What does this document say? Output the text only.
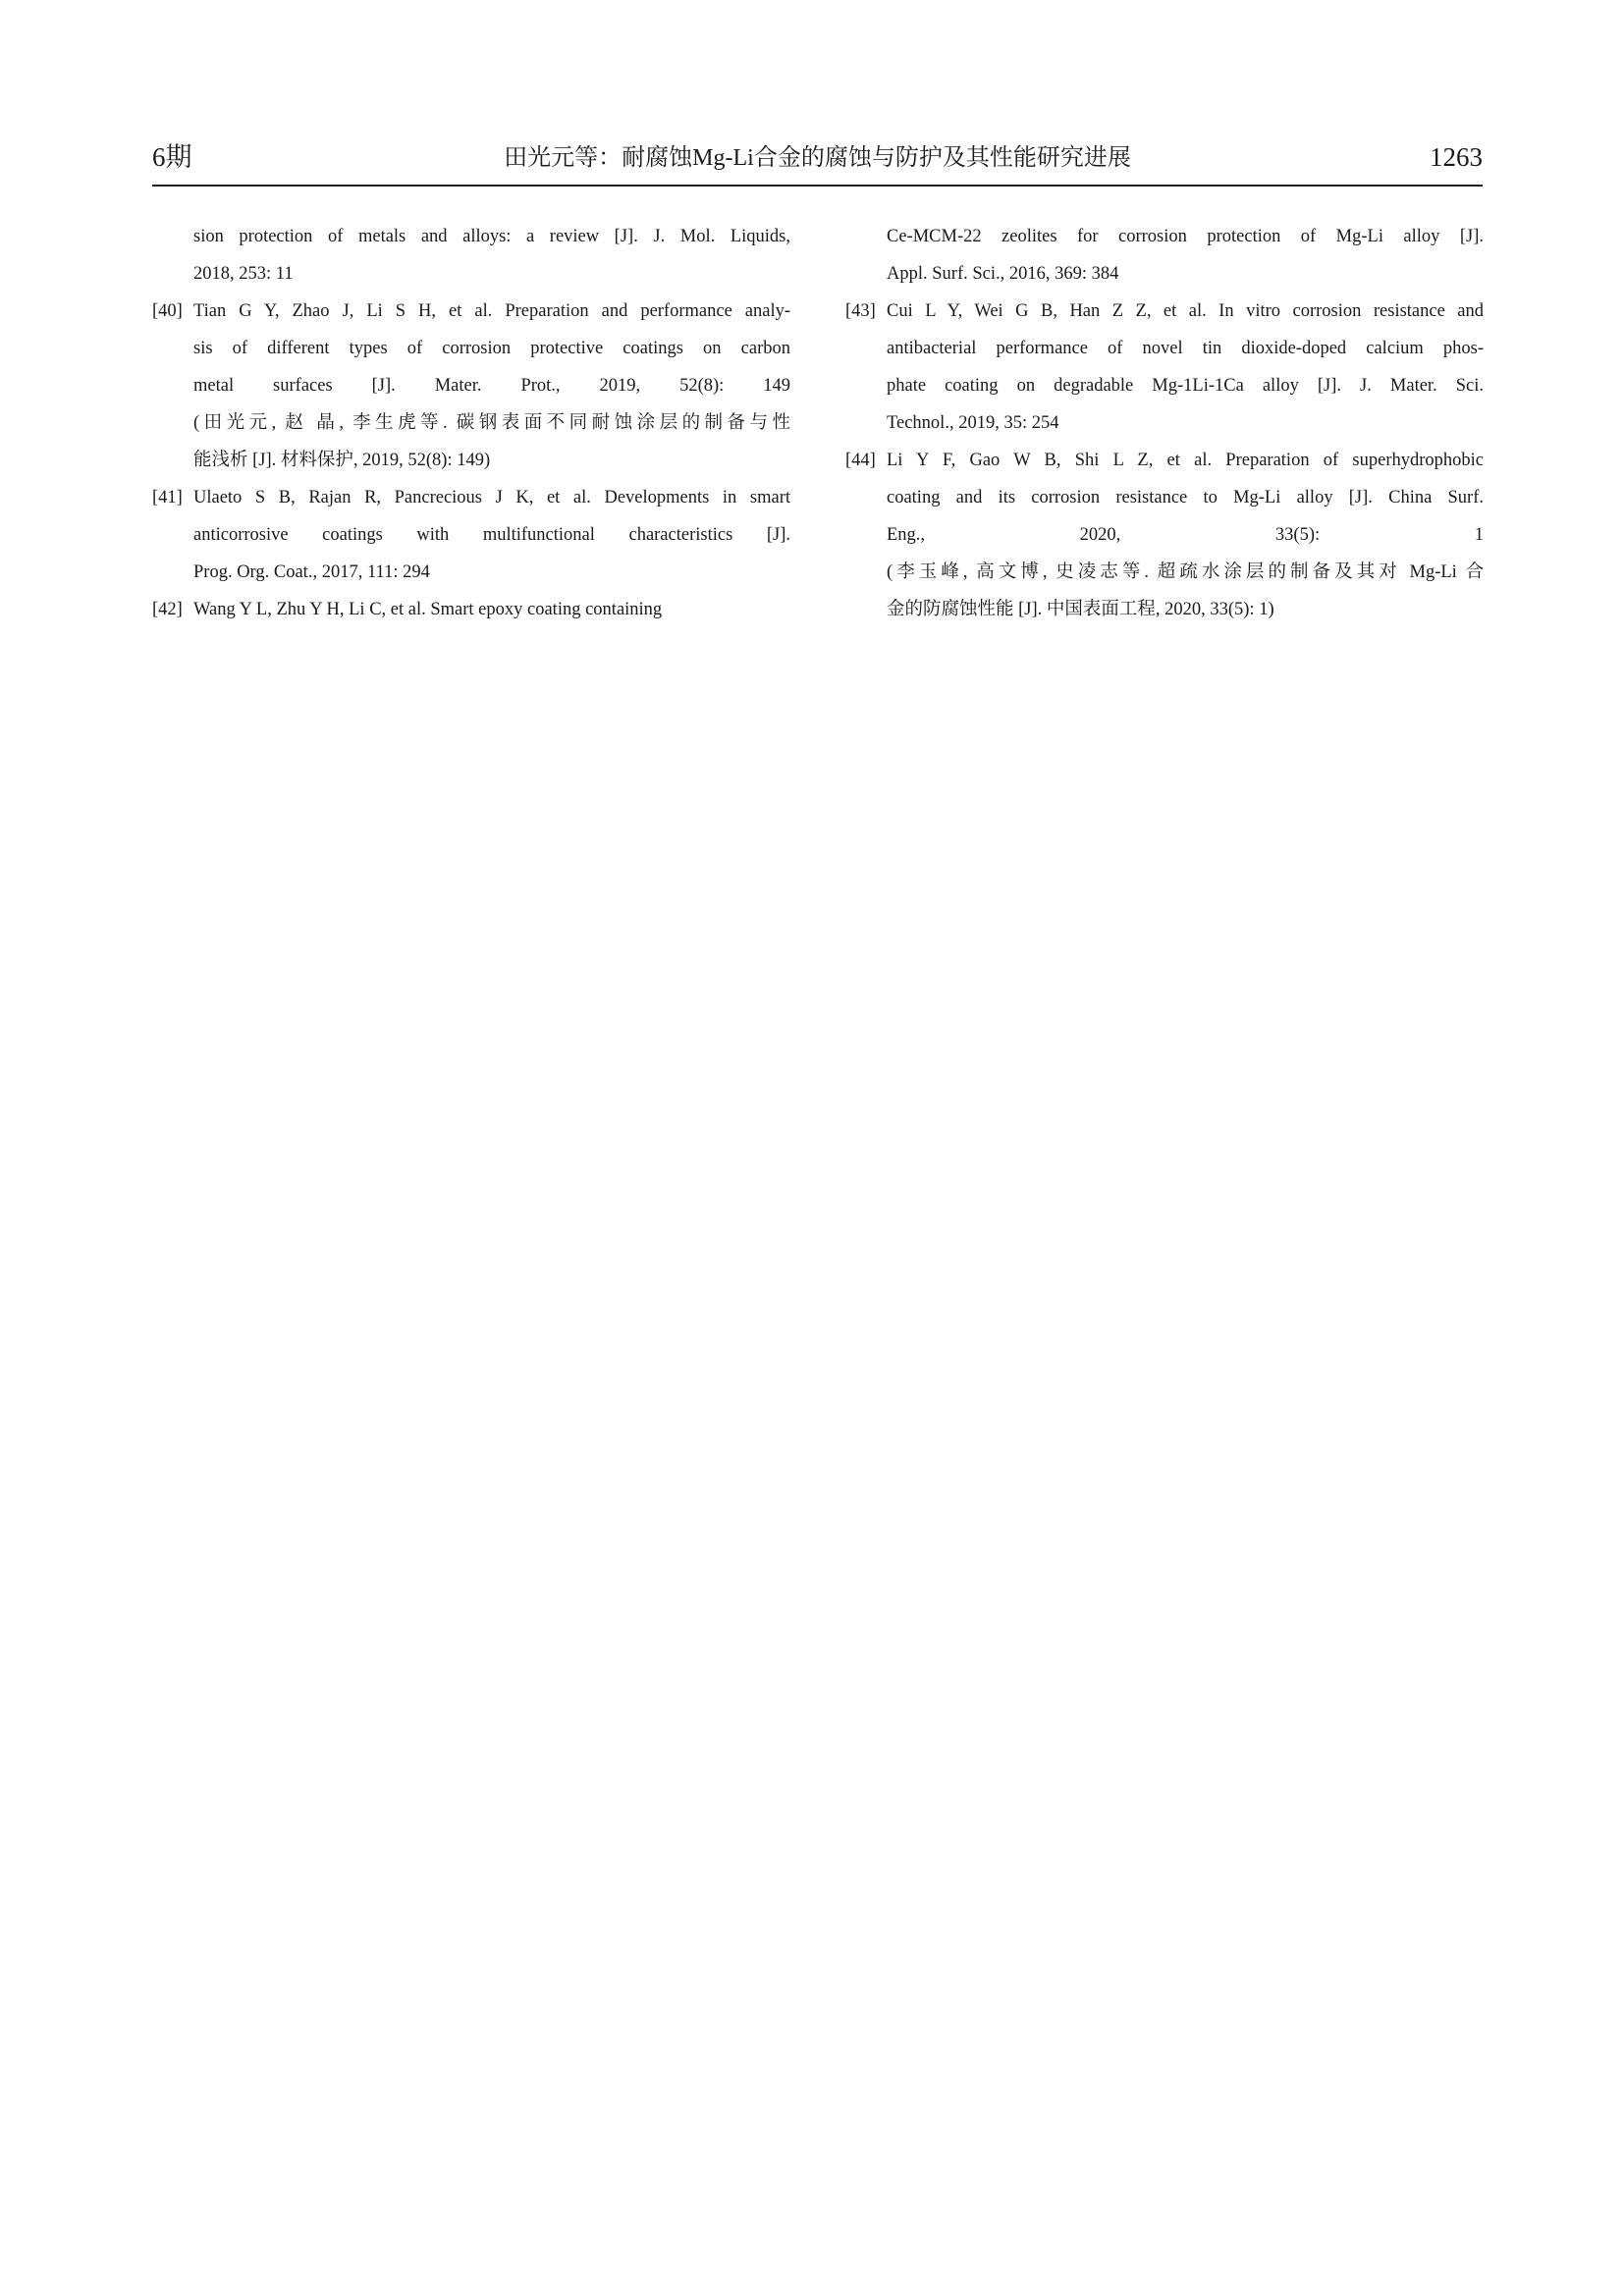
6期	田光元等：耐腐蚀Mg-Li合金的腐蚀与防护及其性能研究进展	1263
sion protection of metals and alloys: a review [J]. J. Mol. Liquids,
2018, 253: 11
[40] Tian G Y, Zhao J, Li S H, et al. Preparation and performance analy-
sis of different types of corrosion protective coatings on carbon
metal surfaces [J]. Mater. Prot., 2019, 52(8): 149
(田光元, 赵 晶, 李生虎等. 碳钢表面不同耐蚀涂层的制备与性
能浅析 [J]. 材料保护, 2019, 52(8): 149)
[41] Ulaeto S B, Rajan R, Pancrecious J K, et al. Developments in smart
anticorrosive coatings with multifunctional characteristics [J].
Prog. Org. Coat., 2017, 111: 294
[42] Wang Y L, Zhu Y H, Li C, et al. Smart epoxy coating containing
Ce-MCM-22 zeolites for corrosion protection of Mg-Li alloy [J].
Appl. Surf. Sci., 2016, 369: 384
[43] Cui L Y, Wei G B, Han Z Z, et al. In vitro corrosion resistance and
antibacterial performance of novel tin dioxide-doped calcium phos-
phate coating on degradable Mg-1Li-1Ca alloy [J]. J. Mater. Sci.
Technol., 2019, 35: 254
[44] Li Y F, Gao W B, Shi L Z, et al. Preparation of superhydrophobic
coating and its corrosion resistance to Mg-Li alloy [J]. China Surf.
Eng., 2020, 33(5): 1
(李玉峰, 高文博, 史凌志等. 超疏水涂层的制备及其对 Mg-Li 合
金的防腐蚀性能 [J]. 中国表面工程, 2020, 33(5): 1)
